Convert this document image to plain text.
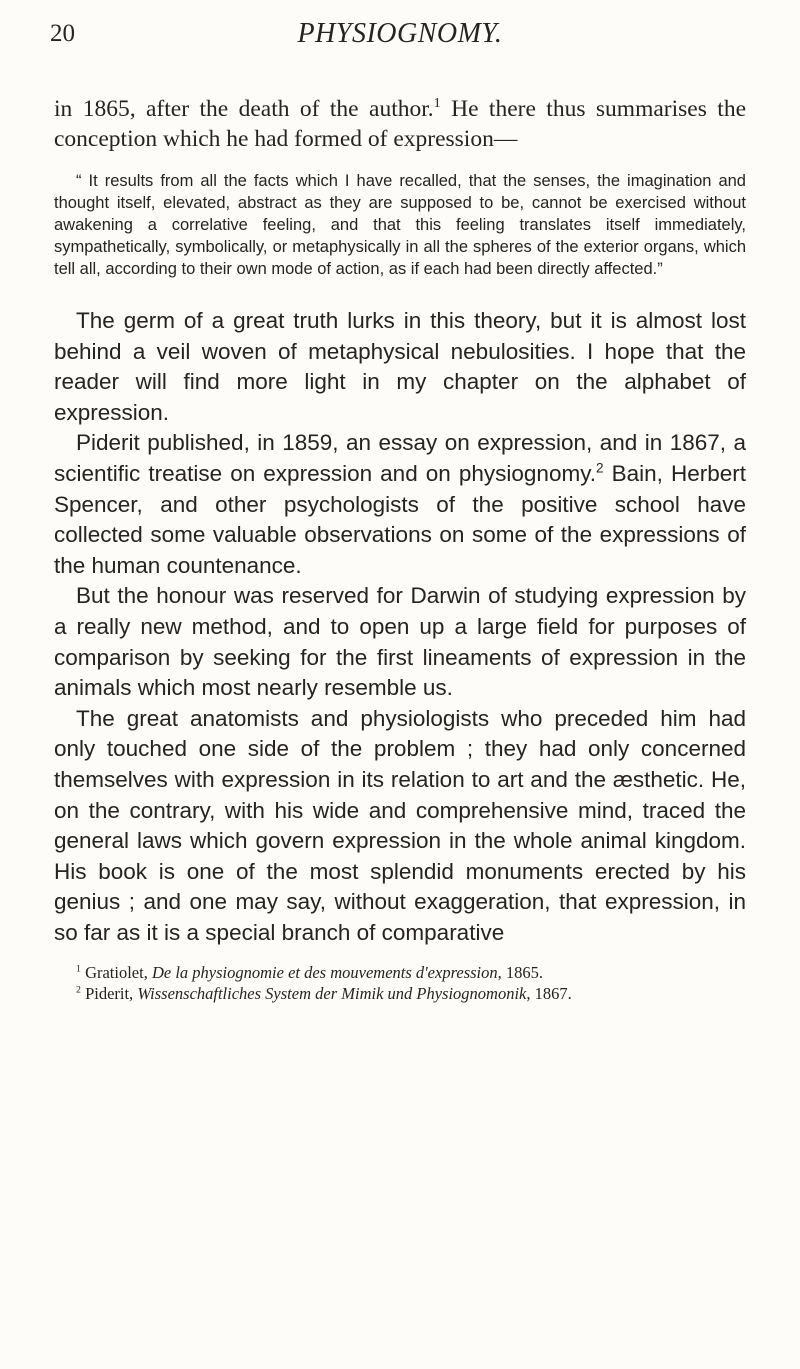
20	PHYSIOGNOMY.

in 1865, after the death of the author.$^1$ He there thus summarises the conception which he had formed of expression—

“ It results from all the facts which I have recalled, that the senses, the imagination and thought itself, elevated, abstract as they are supposed to be, cannot be exercised without awakening a correlative feeling, and that this feeling translates itself immediately, sympathetically, symbolically, or metaphysically in all the spheres of the exterior organs, which tell all, according to their own mode of action, as if each had been directly affected.”

The germ of a great truth lurks in this theory, but it is almost lost behind a veil woven of metaphysical nebulosities. I hope that the reader will find more light in my chapter on the alphabet of expression.

Piderit published, in 1859, an essay on expression, and in 1867, a scientific treatise on expression and on physiognomy.$^2$ Bain, Herbert Spencer, and other psychologists of the positive school have collected some valuable observations on some of the expressions of the human countenance.

But the honour was reserved for Darwin of studying expression by a really new method, and to open up a large field for purposes of comparison by seeking for the first lineaments of expression in the animals which most nearly resemble us.

The great anatomists and physiologists who preceded him had only touched one side of the problem ; they had only concerned themselves with expression in its relation to art and the æsthetic. He, on the contrary, with his wide and comprehensive mind, traced the general laws which govern expression in the whole animal kingdom. His book is one of the most splendid monuments erected by his genius ; and one may say, without exaggeration, that expression, in so far as it is a special branch of comparative

$^1$ Gratiolet, De la physiognomie et des mouvements d'expression, 1865.

$^2$ Piderit, Wissenschaftliches System der Mimik und Physiognomonik, 1867.
